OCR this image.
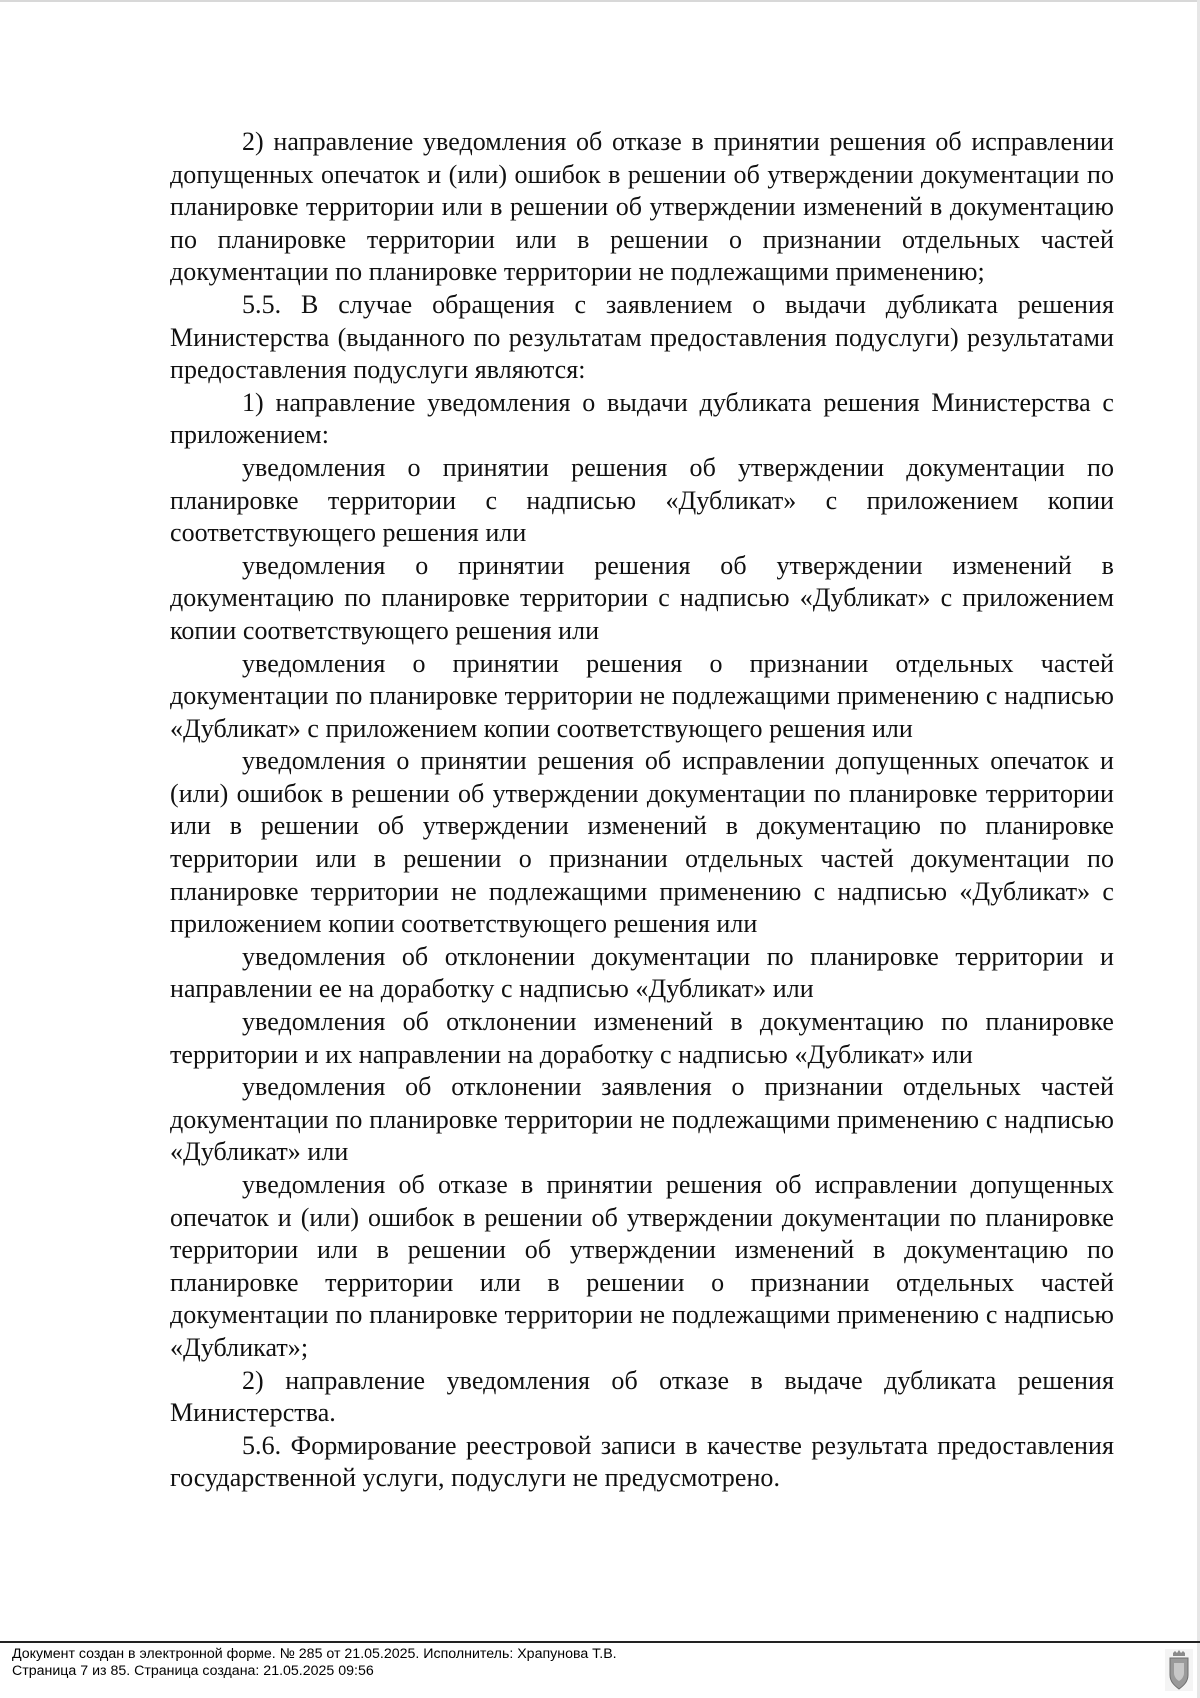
2) направление уведомления об отказе в принятии решения об исправлении допущенных опечаток и (или) ошибок в решении об утверждении документации по планировке территории или в решении об утверждении изменений в документацию по планировке территории или в решении о признании отдельных частей документации по планировке территории не подлежащими применению;

5.5. В случае обращения с заявлением о выдачи дубликата решения Министерства (выданного по результатам предоставления подуслуги) результатами предоставления подуслуги являются:

1) направление уведомления о выдачи дубликата решения Министерства с приложением:

уведомления о принятии решения об утверждении документации по планировке территории с надписью «Дубликат» с приложением копии соответствующего решения или

уведомления о принятии решения об утверждении изменений в документацию по планировке территории с надписью «Дубликат» с приложением копии соответствующего решения или

уведомления о принятии решения о признании отдельных частей документации по планировке территории не подлежащими применению с надписью «Дубликат» с приложением копии соответствующего решения или

уведомления о принятии решения об исправлении допущенных опечаток и (или) ошибок в решении об утверждении документации по планировке территории или в решении об утверждении изменений в документацию по планировке территории или в решении о признании отдельных частей документации по планировке территории не подлежащими применению с надписью «Дубликат» с приложением копии соответствующего решения или

уведомления об отклонении документации по планировке территории и направлении ее на доработку с надписью «Дубликат» или

уведомления об отклонении изменений в документацию по планировке территории и их направлении на доработку с надписью «Дубликат» или

уведомления об отклонении заявления о признании отдельных частей документации по планировке территории не подлежащими применению с надписью «Дубликат» или

уведомления об отказе в принятии решения об исправлении допущенных опечаток и (или) ошибок в решении об утверждении документации по планировке территории или в решении об утверждении изменений в документацию по планировке территории или в решении о признании отдельных частей документации по планировке территории не подлежащими применению с надписью «Дубликат»;

2) направление уведомления об отказе в выдаче дубликата решения Министерства.

5.6. Формирование реестровой записи в качестве результата предоставления государственной услуги, подуслуги не предусмотрено.

Документ создан в электронной форме. № 285 от 21.05.2025. Исполнитель: Храпунова Т.В.
Страница 7 из 85. Страница создана: 21.05.2025 09:56
